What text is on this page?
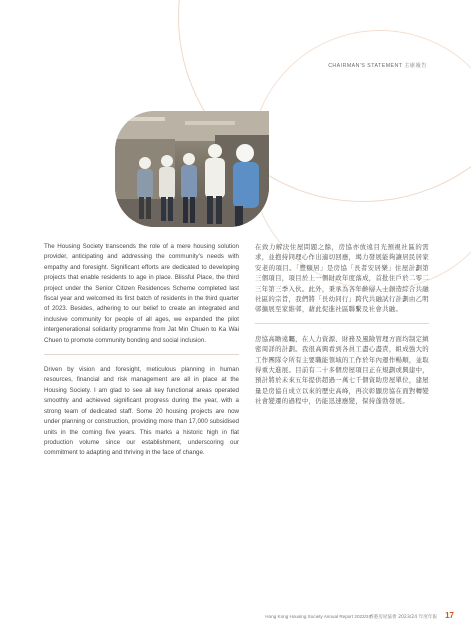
CHAIRMAN'S STATEMENT 主席報告

The Housing Society transcends the role of a mere housing solution provider, anticipating and addressing the community's needs with empathy and foresight. Significant efforts are dedicated to developing projects that enable residents to age in place. Blissful Place, the third project under the Senior Citizen Residences Scheme completed last fiscal year and welcomed its first batch of residents in the third quarter of 2023. Besides, adhering to our belief to create an integrated and inclusive community for people of all ages, we expanded the pilot intergenerational solidarity programme from Jat Min Chuen to Ka Wai Chuen to promote community bonding and social inclusion.

Driven by vision and foresight, meticulous planning in human resources, financial and risk management are all in place at the Housing Society. I am glad to see all key functional areas operated smoothly and achieved significant progress during the year, with a strong team of dedicated staff. Some 20 housing projects are now under planning or construction, providing more than 17,000 subsidised units in the coming five years. This marks a historic high in flat production volume since our establishment, underscoring our commitment to adapting and thriving in the face of change.

在致力解決住屋問題之餘，房協亦放遠目光預視社區的需求，並抱持同理心作出適切回應，竭力發展能夠讓居民居家安老的項目。「豐頤居」是房協「長者安居樂」住屋計劃第三個項目，項目於上一個財政年度落成，首批住戶於二零二三年第三季入伙。此外，秉承為各年齡層人士創造綜合共融社區的宗旨，我們將「長幼同行」跨代共融試行計劃由乙明邨擴展至家維邨，藉此促進社區聯繫及社會共融。

房協高瞻遠矚，在人力資源、財務及風險管理方面均制定縝密周詳的計劃。我很高興看到各員工盡心盡責，組成強大的工作團隊令所有主要職能領域的工作於年內運作暢順，並取得重大進展。目前有二十多個房屋項目正在規劃或興建中，預計將於未來五年提供超過一萬七千個資助房屋單位，建屋量是房協自成立以來的歷史高峰，再次彰顯房協在面對轉變社會變遷的過程中，仍能迅速應變，保持蓬勃發展。

Hong Kong Housing Society Annual Report 2023/24
香港房屋協會 2023/24 年度年報 17
